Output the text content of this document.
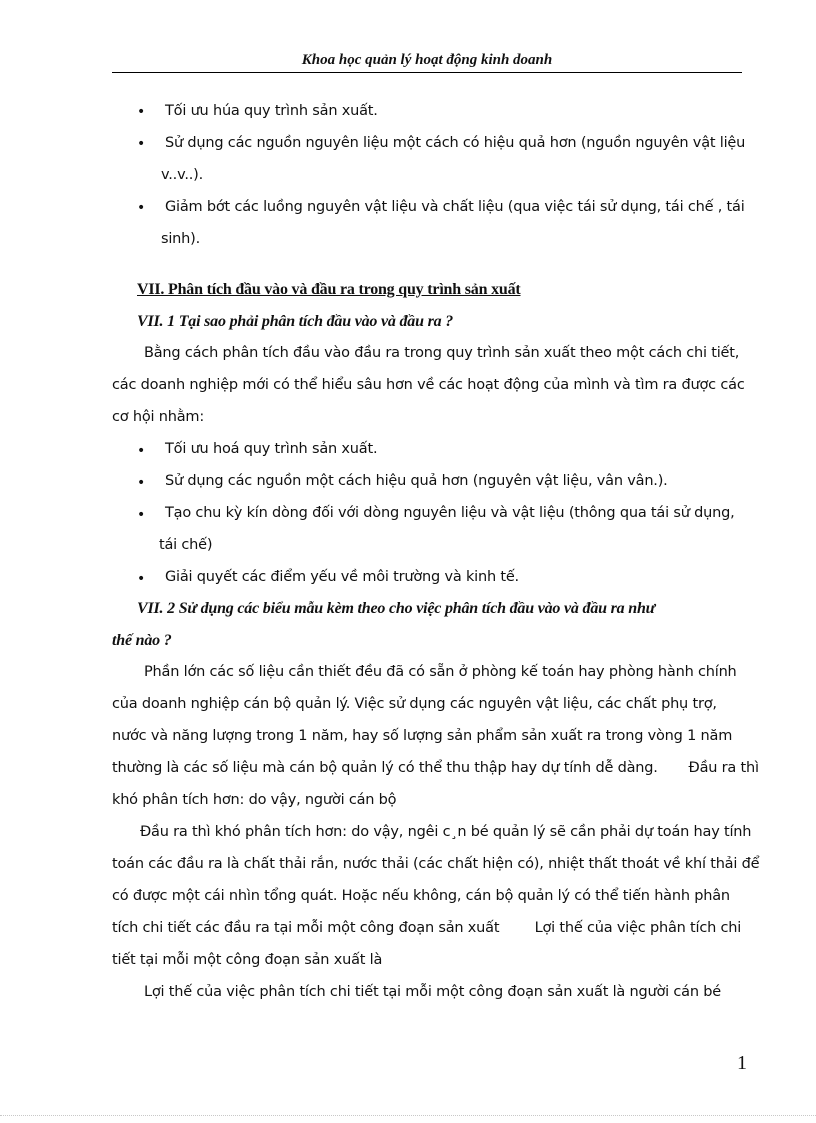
Khoa học quản lý hoạt động kinh doanh
• Tối ưu húa quy trình sản xuất.
• Sử dụng các nguồn nguyên liệu một cách có hiệu quả hơn (nguồn nguyên vật liệu
v..v..).
• Giảm bớt các luồng nguyên vật liệu và chất liệu (qua việc tái sử dụng, tái chế , tái
sinh).
VII. Phân tích đầu vào và đầu ra trong quy trình sản xuất
VII. 1 Tại sao phải phân tích đầu vào và đầu ra ?
Bằng cách phân tích đầu vào đầu ra trong quy trình sản xuất theo một cách chi tiết,
các doanh nghiệp mới có thể hiểu sâu hơn về các hoạt động của mình và tìm ra được các
cơ hội nhằm:
• Tối ưu hoá quy trình sản xuất.
• Sử dụng các nguồn một cách hiệu quả hơn (nguyên vật liệu, vân vân.).
• Tạo chu kỳ kín dòng đối với dòng nguyên liệu và vật liệu (thông qua tái sử dụng,
tái chế)
• Giải quyết các điểm yếu về môi trường và kinh tế.
VII. 2 Sử dụng các biểu mẫu kèm theo cho việc phân tích đầu vào và đầu ra như
thế nào ?
Phần lớn các số liệu cần thiết đều đã có sẵn ở phòng kế toán hay phòng hành chính
của doanh nghiệp cán bộ quản lý. Việc sử dụng các nguyên vật liệu, các chất phụ trợ,
nước và năng lượng trong 1 năm, hay số lượng sản phẩm sản xuất ra trong vòng 1 năm
thường là các số liệu mà cán bộ quản lý có thể thu thập hay dự tính dễ dàng.       Đầu ra thì
khó phân tích hơn: do vậy, người cán bộ
Đầu ra thì khó phân tích hơn: do vậy, ngêi c¸n bé quản lý sẽ cần phải dự toán hay tính
toán các đầu ra là chất thải rắn, nước thải (các chất hiện có), nhiệt thất thoát về khí thải để
có được một cái nhìn tổng quát. Hoặc nếu không, cán bộ quản lý có thể tiến hành phân
tích chi tiết các đầu ra tại mỗi một công đoạn sản xuất        Lợi thế của việc phân tích chi
tiết tại mỗi một công đoạn sản xuất là
Lợi thế của việc phân tích chi tiết tại mỗi một công đoạn sản xuất là người cán bé
1
